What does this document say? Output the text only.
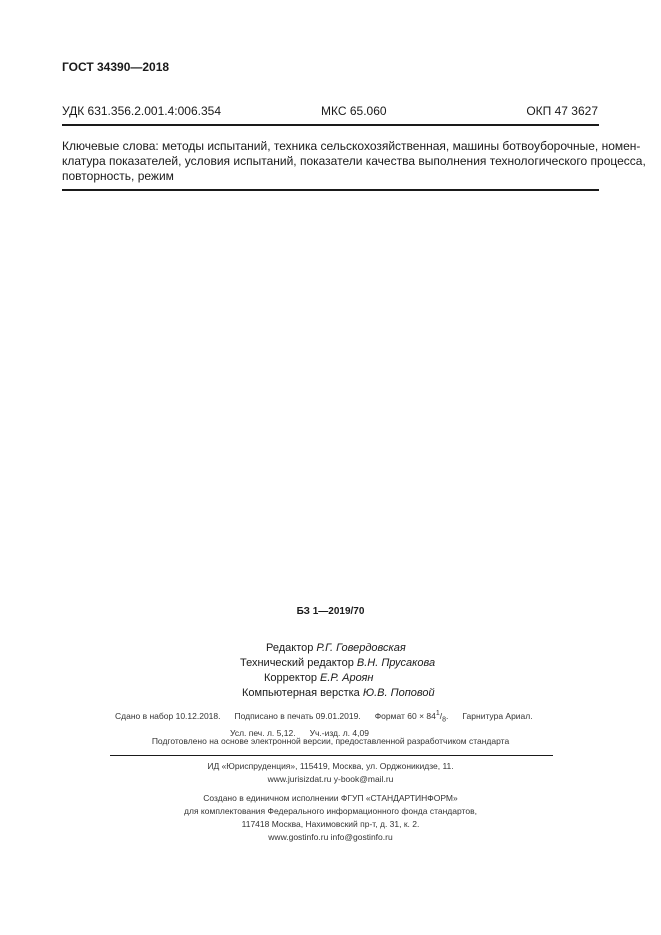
ГОСТ 34390—2018
УДК 631.356.2.001.4:006.354	МКС 65.060	ОКП 47 3627
Ключевые слова: методы испытаний, техника сельскохозяйственная, машины ботвоуборочные, номен-
клатура показателей, условия испытаний, показатели качества выполнения технологического процесса,
повторность, режим
БЗ 1—2019/70
Редактор Р.Г. Говердовская
Технический редактор В.Н. Прусакова
Корректор Е.Р. Ароян
Компьютерная верстка Ю.В. Поповой
Сдано в набор 10.12.2018. Подписано в печать 09.01.2019. Формат $60 \times 84^1/_8$. Гарнитура Ариал.
Усл. печ. л. 5,12. Уч.-изд. л. 4,09
Подготовлено на основе электронной версии, предоставленной разработчиком стандарта
ИД «Юриспруденция», 115419, Москва, ул. Орджоникидзе, 11.
www.jurisizdat.ru y-book@mail.ru
Создано в единичном исполнении ФГУП «СТАНДАРТИНФОРМ»
для комплектования Федерального информационного фонда стандартов,
117418 Москва, Нахимовский пр-т, д. 31, к. 2.
www.gostinfo.ru info@gostinfo.ru
